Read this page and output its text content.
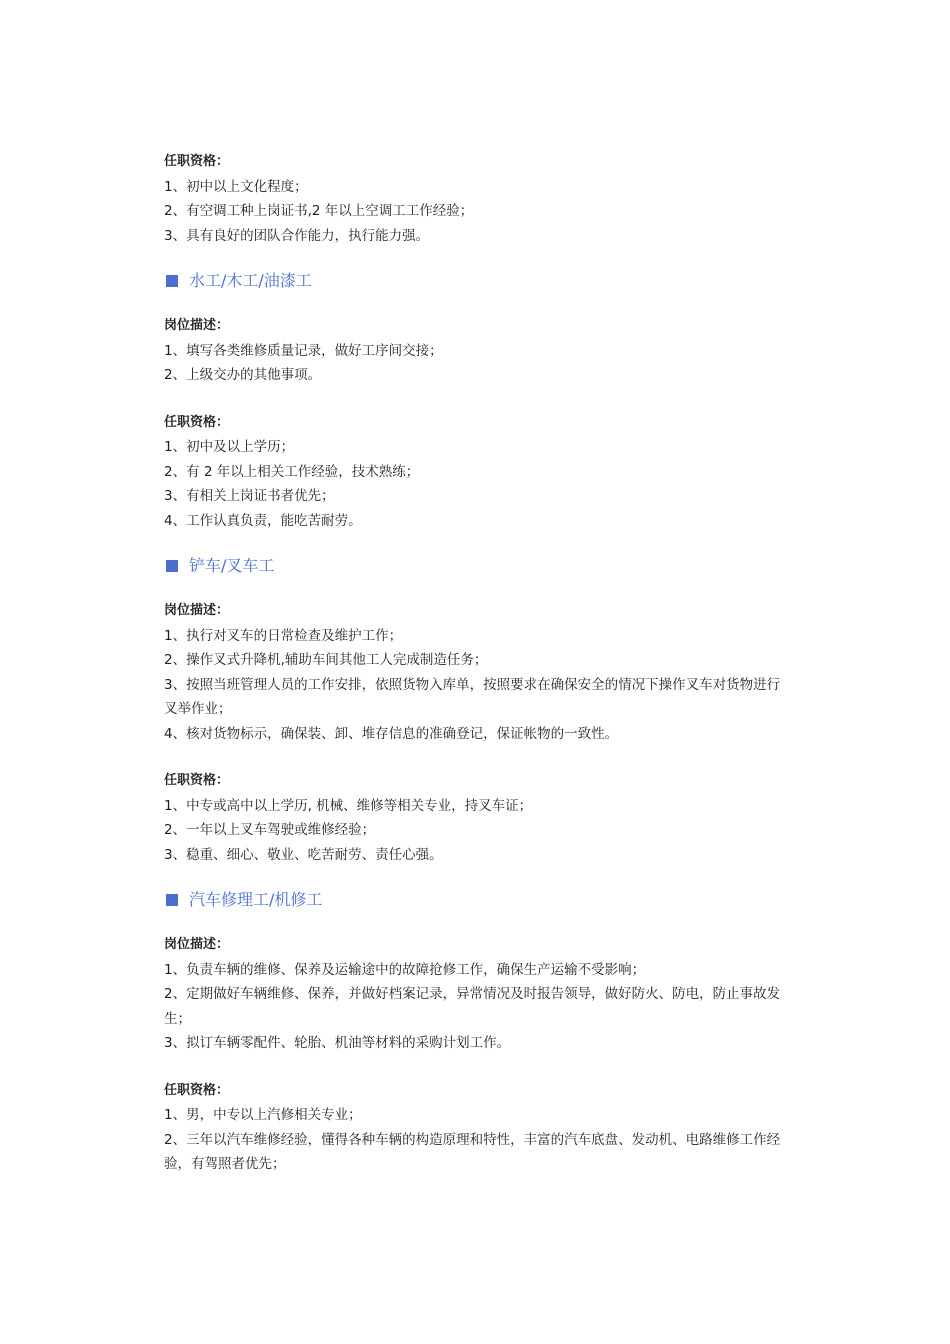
任职资格：

1、初中以上文化程度；

2、有空调工种上岗证书,2 年以上空调工工作经验；

3、具有良好的团队合作能力，执行能力强。

水工/木工/油漆工

岗位描述：

1、填写各类维修质量记录，做好工序间交接；

2、上级交办的其他事项。

任职资格：

1、初中及以上学历；

2、有 2 年以上相关工作经验，技术熟练；

3、有相关上岗证书者优先；

4、工作认真负责，能吃苦耐劳。

铲车/叉车工

岗位描述：

1、执行对叉车的日常检查及维护工作；

2、操作叉式升降机,辅助车间其他工人完成制造任务；

3、按照当班管理人员的工作安排，依照货物入库单，按照要求在确保安全的情况下操作叉车对货物进行叉举作业；

4、核对货物标示，确保装、卸、堆存信息的准确登记，保证帐物的一致性。

任职资格：

1、中专或高中以上学历, 机械、维修等相关专业，持叉车证；

2、一年以上叉车驾驶或维修经验；

3、稳重、细心、敬业、吃苦耐劳、责任心强。

汽车修理工/机修工

岗位描述：

1、负责车辆的维修、保养及运输途中的故障抢修工作，确保生产运输不受影响；

2、定期做好车辆维修、保养，并做好档案记录，异常情况及时报告领导，做好防火、防电，防止事故发生；

3、拟订车辆零配件、轮胎、机油等材料的采购计划工作。

任职资格：

1、男，中专以上汽修相关专业；

2、三年以汽车维修经验，懂得各种车辆的构造原理和特性，丰富的汽车底盘、发动机、电路维修工作经验，有驾照者优先；
